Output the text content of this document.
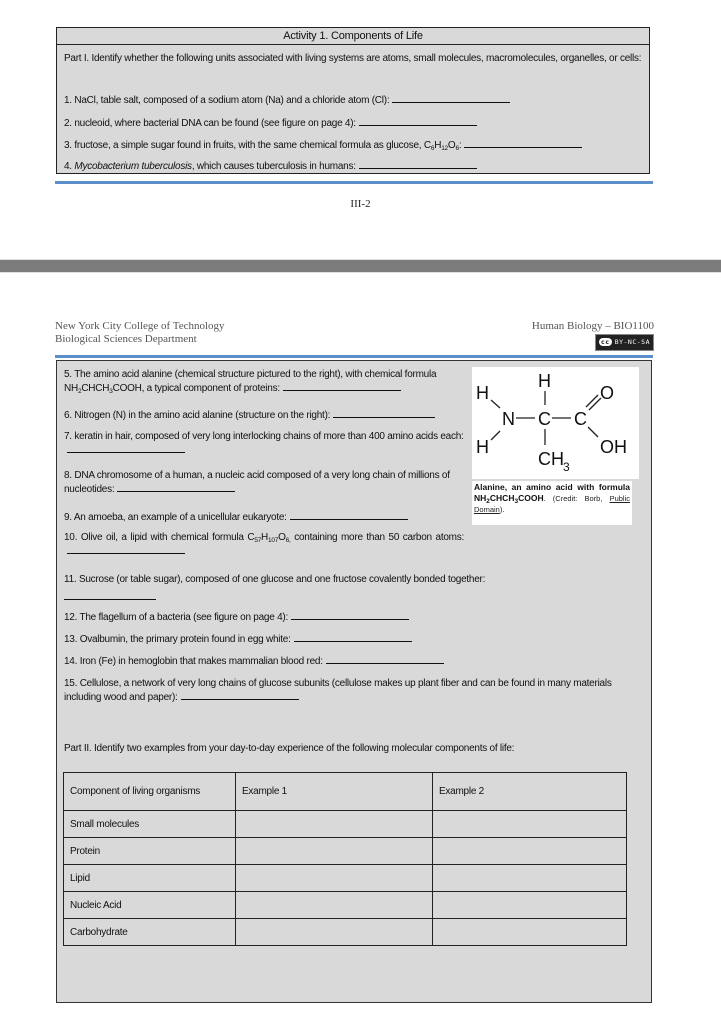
Activity 1. Components of Life
Part I. Identify whether the following units associated with living systems are atoms, small molecules, macromolecules, organelles, or cells:
1. NaCl, table salt, composed of a sodium atom (Na) and a chloride atom (Cl):
2. nucleoid, where bacterial DNA can be found (see figure on page 4):
3. fructose, a simple sugar found in fruits, with the same chemical formula as glucose, $C_6H_{12}O_6$:
4. Mycobacterium tuberculosis, which causes tuberculosis in humans:
III-2
New York City College of Technology
Biological Sciences Department
Human Biology – BIO1100
cc BY-NC-SA
5. The amino acid alanine (chemical structure pictured to the right), with chemical formula $NH_2CHCH_3COOH$, a typical component of proteins:
6. Nitrogen (N) in the amino acid alanine (structure on the right):
7. keratin in hair, composed of very long interlocking chains of more than 400 amino acids each:
8. DNA chromosome of a human, a nucleic acid composed of a very long chain of millions of nucleotides:
9. An amoeba, an example of a unicellular eukaryote:
10. Olive oil, a lipid with chemical formula $C_{57}H_{107}O_{6,}$ containing more than 50 carbon atoms:
11. Sucrose (or table sugar), composed of one glucose and one fructose covalently bonded together:

12. The flagellum of a bacteria (see figure on page 4):
13. Ovalbumin, the primary protein found in egg white:
14. Iron (Fe) in hemoglobin that makes mammalian blood red:
15. Cellulose, a network of very long chains of glucose subunits (cellulose makes up plant fiber and can be found in many materials including wood and paper):
H
H
H
N C C
O
OH
CH 3
Alanine, an amino acid with formula $NH_2CHCH_3COOH$. (Credit: Borb, Public Domain).
Part II. Identify two examples from your day-to-day experience of the following molecular components of life:
Component of living organisms	Example 1	Example 2
Small molecules		
Protein		
Lipid		
Nucleic Acid		
Carbohydrate		
